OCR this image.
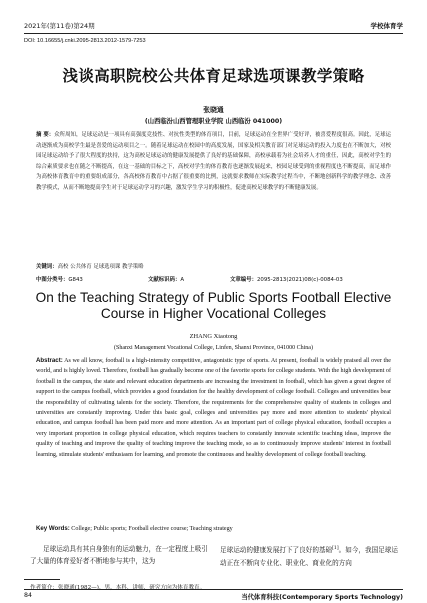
2021年(第11卷)第24期	学校体育学
DOI: 10.16655/j.cnki.2095-2813.2012-1579-7253
浅谈高职院校公共体育足球选项课教学策略
张晓通
(山西临汾山西管理职业学院 山西临汾 041000)
摘 要：众所周知，足球运动是一项具有高强度竞技性、对抗性类型的体育项目，目前，足球运动在全世界广受好评，被喜爱程度很高。因此，足球运动逐渐成为高校学生最是喜爱的运动项目之一。随着足球运动在校园中的高度发展，国家及相关教育部门对足球运动的投入力度也在不断加大，对校园足球运动给予了很大程度的扶持，这为高校足球运动的健康发展提供了良好的基础保障，高校承载着为社会培养人才的重任，因此，高校对学生的综合素质要求也在随之不断提高，在这一基础的目标之下，高校对学生的体育教育也逐渐发展起来，校园足球受到的重视程度也不断提高，而足球作为高校体育教育中的重要组成部分，各高校体育教育中占据了很重要的比例，这就要求教师在实际教学过程当中，不断地创新科学的教学理念、改善教学模式，从而不断地提高学生对于足球运动学习的兴趣，激发学生学习的积极性，促进高校足球教学的不断健康发展。
关键词：高校 公共体育 足球选项课 教学策略
中图分类号：G843	文献标识码：A	文章编号：2095-2813(2021)08(c)-0084-03
On the Teaching Strategy of Public Sports Football Elective Course in Higher Vocational Colleges
ZHANG Xiaotong
(Shanxi Management Vocational College, Linfen, Shanxi Province, 041000 China)
Abstract: As we all know, football is a high-intensity competitive, antagonistic type of sports. At present, football is widely praised all over the world, and is highly loved. Therefore, football has gradually become one of the favorite sports for college students. With the high development of football in the campus, the state and relevant education departments are increasing the investment in football, which has given a great degree of support to the campus football, which provides a good foundation for the healthy development of college football. Colleges and universities bear the responsibility of cultivating talents for the society. Therefore, the requirements for the comprehensive quality of students in colleges and universities are constantly improving. Under this basic goal, colleges and universities pay more and more attention to students' physical education, and campus football has been paid more and more attention. As an important part of college physical education, football occupies a very important proportion in college physical education, which requires teachers to constantly innovate scientific teaching ideas, improve the quality of teaching and improve the quality of teaching improve the teaching mode, so as to continuously improve students' interest in football learning, stimulate students' enthusiasm for learning, and promote the continuous and healthy development of college football teaching.
Key Words: College; Public sports; Football elective course; Teaching strategy
足球运动具有其自身独有的运动魅力，在一定程度上吸引了大量的体育爱好者不断地参与其中，这为
足球运动的健康发展打下了良好的基础[1]。如今，我国足球运动正在不断向专业化、职业化、商业化的方向
作者简介：张晓通(1982—)，男，本科，讲师，研究方向为体育教育。
84	当代体育科技(Contemporary Sports Technology)
